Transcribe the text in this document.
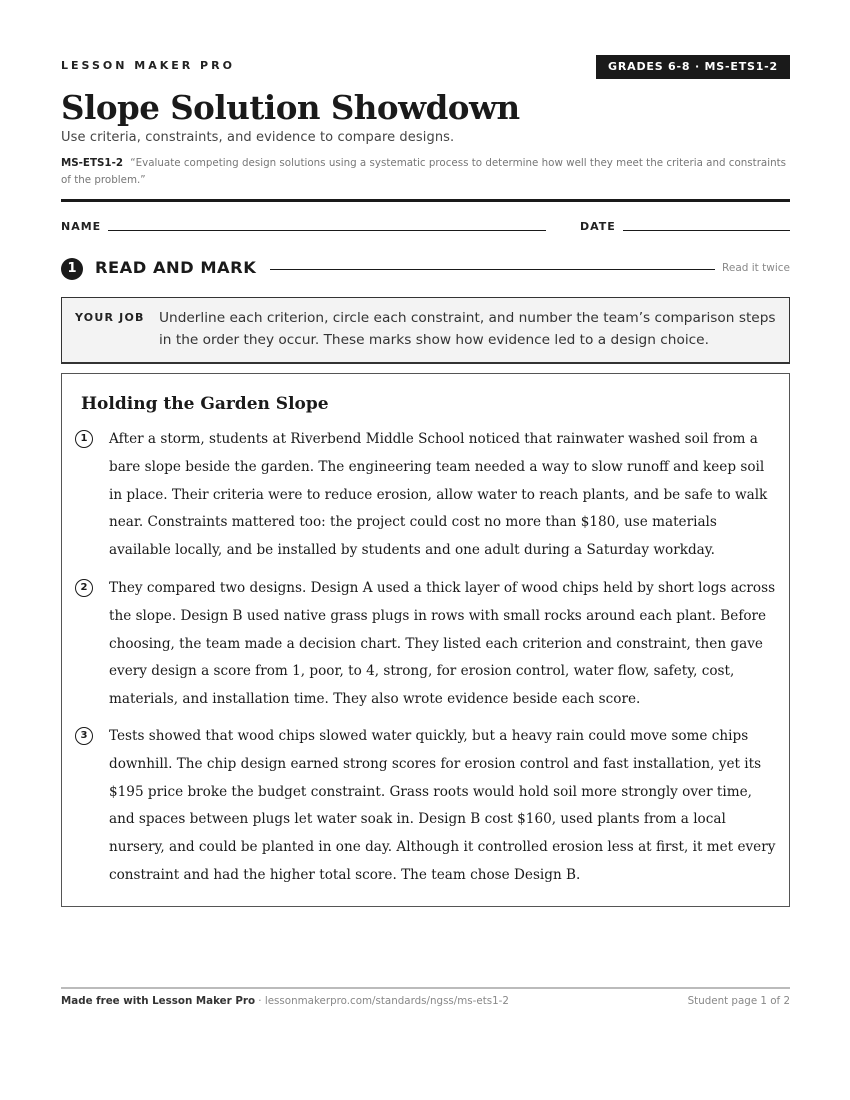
LESSON MAKER PRO	GRADES 6-8 · MS-ETS1-2
Slope Solution Showdown
Use criteria, constraints, and evidence to compare designs.
MS-ETS1-2 “Evaluate competing design solutions using a systematic process to determine how well they meet the criteria and constraints of the problem.”
NAME	DATE
1	READ AND MARK	Read it twice
YOUR JOB Underline each criterion, circle each constraint, and number the team’s comparison steps in the order they occur. These marks show how evidence led to a design choice.
Holding the Garden Slope
1	After a storm, students at Riverbend Middle School noticed that rainwater washed soil from a bare slope beside the garden. The engineering team needed a way to slow runoff and keep soil in place. Their criteria were to reduce erosion, allow water to reach plants, and be safe to walk near. Constraints mattered too: the project could cost no more than $180, use materials available locally, and be installed by students and one adult during a Saturday workday.

2	They compared two designs. Design A used a thick layer of wood chips held by short logs across the slope. Design B used native grass plugs in rows with small rocks around each plant. Before choosing, the team made a decision chart. They listed each criterion and constraint, then gave every design a score from 1, poor, to 4, strong, for erosion control, water flow, safety, cost, materials, and installation time. They also wrote evidence beside each score.

3	Tests showed that wood chips slowed water quickly, but a heavy rain could move some chips downhill. The chip design earned strong scores for erosion control and fast installation, yet its $195 price broke the budget constraint. Grass roots would hold soil more strongly over time, and spaces between plugs let water soak in. Design B cost $160, used plants from a local nursery, and could be planted in one day. Although it controlled erosion less at first, it met every constraint and had the higher total score. The team chose Design B.

Made free with Lesson Maker Pro · lessonmakerpro.com/standards/ngss/ms-ets1-2	Student page 1 of 2
